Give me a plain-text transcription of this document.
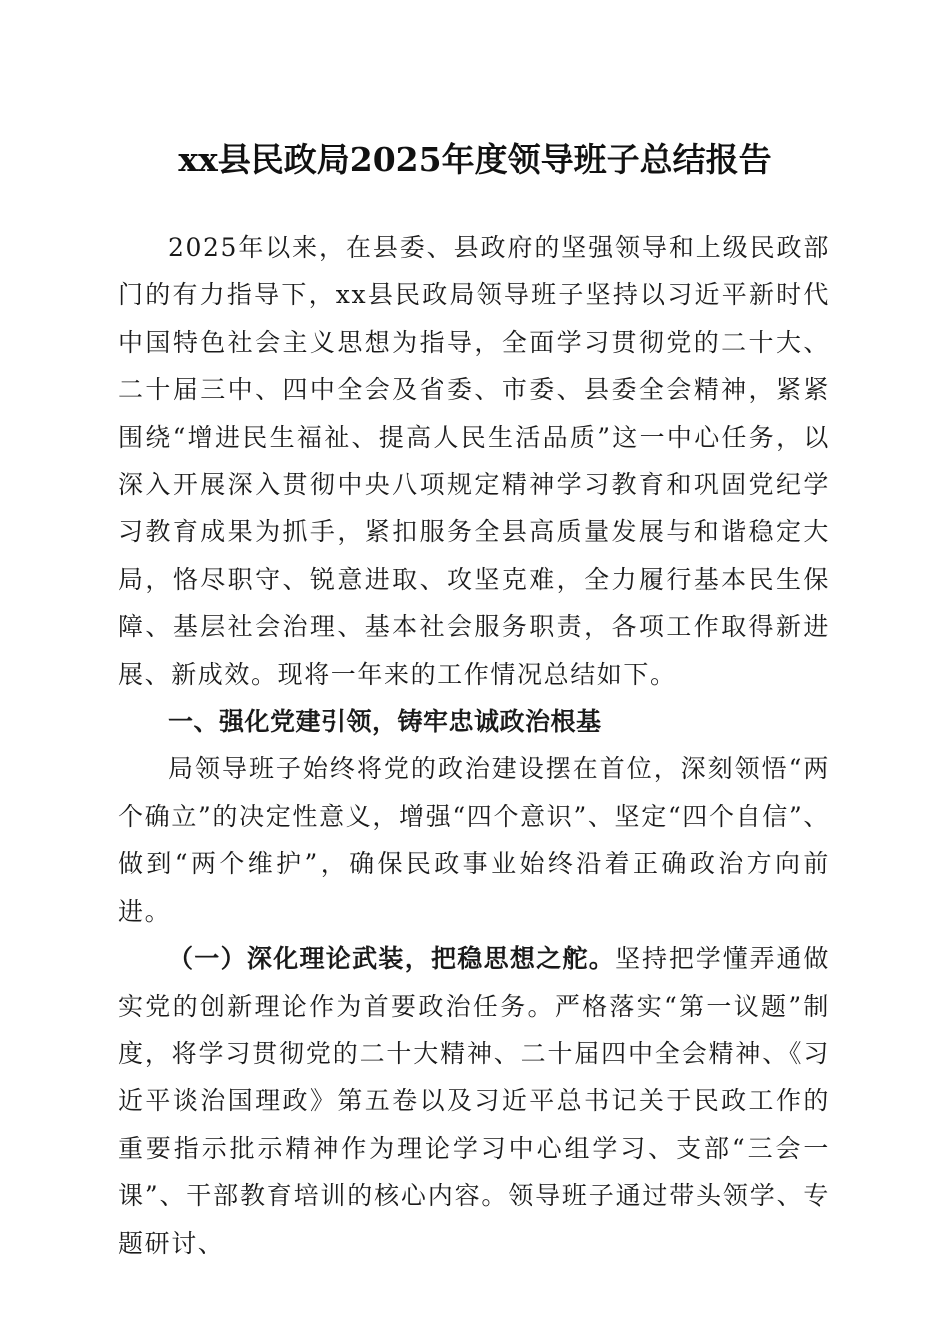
xx县民政局2025年度领导班子总结报告

2025年以来，在县委、县政府的坚强领导和上级民政部门的有力指导下，xx县民政局领导班子坚持以习近平新时代中国特色社会主义思想为指导，全面学习贯彻党的二十大、二十届三中、四中全会及省委、市委、县委全会精神，紧紧围绕“增进民生福祉、提高人民生活品质”这一中心任务，以深入开展深入贯彻中央八项规定精神学习教育和巩固党纪学习教育成果为抓手，紧扣服务全县高质量发展与和谐稳定大局，恪尽职守、锐意进取、攻坚克难，全力履行基本民生保障、基层社会治理、基本社会服务职责，各项工作取得新进展、新成效。现将一年来的工作情况总结如下。

一、强化党建引领，铸牢忠诚政治根基

局领导班子始终将党的政治建设摆在首位，深刻领悟“两个确立”的决定性意义，增强“四个意识”、坚定“四个自信”、做到“两个维护”，确保民政事业始终沿着正确政治方向前进。

（一）深化理论武装，把稳思想之舵。坚持把学懂弄通做实党的创新理论作为首要政治任务。严格落实“第一议题”制度，将学习贯彻党的二十大精神、二十届四中全会精神、《习近平谈治国理政》第五卷以及习近平总书记关于民政工作的重要指示批示精神作为理论学习中心组学习、支部“三会一课”、干部教育培训的核心内容。领导班子通过带头领学、专题研讨、
